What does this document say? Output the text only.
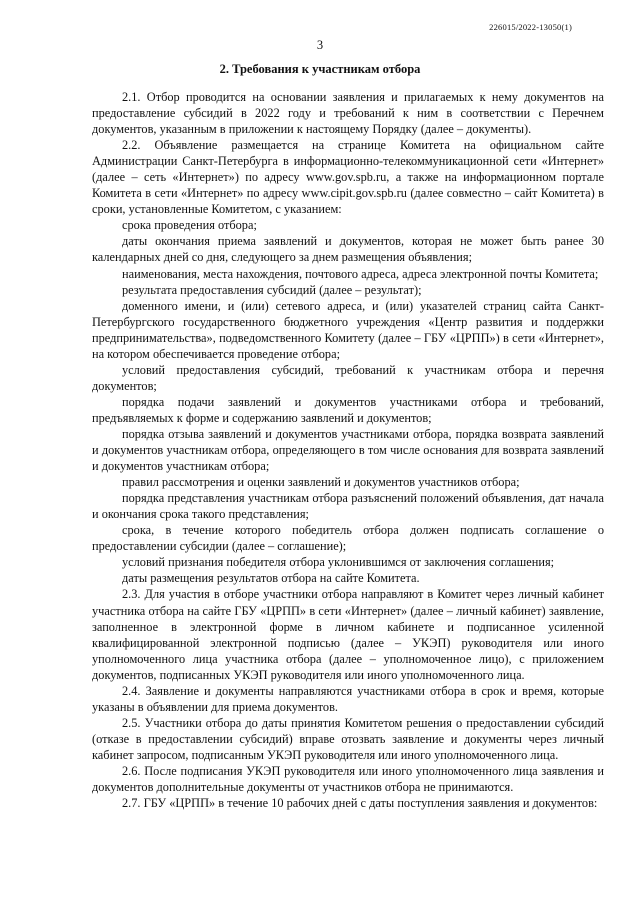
226015/2022-13050(1)
3
2. Требования к участникам отбора

2.1. Отбор проводится на основании заявления и прилагаемых к нему документов на предоставление субсидий в 2022 году и требований к ним в соответствии с Перечнем документов, указанным в приложении к настоящему Порядку (далее – документы).

2.2. Объявление размещается на странице Комитета на официальном сайте Администрации Санкт-Петербурга в информационно-телекоммуникационной сети «Интернет» (далее – сеть «Интернет») по адресу www.gov.spb.ru, а также на информационном портале Комитета в сети «Интернет» по адресу www.cipit.gov.spb.ru (далее совместно – сайт Комитета) в сроки, установленные Комитетом, с указанием:

срока проведения отбора;

даты окончания приема заявлений и документов, которая не может быть ранее 30 календарных дней со дня, следующего за днем размещения объявления;

наименования, места нахождения, почтового адреса, адреса электронной почты Комитета;

результата предоставления субсидий (далее – результат);

доменного имени, и (или) сетевого адреса, и (или) указателей страниц сайта Санкт-Петербургского государственного бюджетного учреждения «Центр развития и поддержки предпринимательства», подведомственного Комитету (далее – ГБУ «ЦРПП») в сети «Интернет», на котором обеспечивается проведение отбора;

условий предоставления субсидий, требований к участникам отбора и перечня документов;

порядка подачи заявлений и документов участниками отбора и требований, предъявляемых к форме и содержанию заявлений и документов;

порядка отзыва заявлений и документов участниками отбора, порядка возврата заявлений и документов участникам отбора, определяющего в том числе основания для возврата заявлений и документов участникам отбора;

правил рассмотрения и оценки заявлений и документов участников отбора;

порядка представления участникам отбора разъяснений положений объявления, дат начала и окончания срока такого представления;

срока, в течение которого победитель отбора должен подписать соглашение о предоставлении субсидии (далее – соглашение);

условий признания победителя отбора уклонившимся от заключения соглашения;

даты размещения результатов отбора на сайте Комитета.

2.3. Для участия в отборе участники отбора направляют в Комитет через личный кабинет участника отбора на сайте ГБУ «ЦРПП» в сети «Интернет» (далее – личный кабинет) заявление, заполненное в электронной форме в личном кабинете и подписанное усиленной квалифицированной электронной подписью (далее – УКЭП) руководителя или иного уполномоченного лица участника отбора (далее – уполномоченное лицо), с приложением документов, подписанных УКЭП руководителя или иного уполномоченного лица.

2.4. Заявление и документы направляются участниками отбора в срок и время, которые указаны в объявлении для приема документов.

2.5. Участники отбора до даты принятия Комитетом решения о предоставлении субсидий (отказе в предоставлении субсидий) вправе отозвать заявление и документы через личный кабинет запросом, подписанным УКЭП руководителя или иного уполномоченного лица.

2.6. После подписания УКЭП руководителя или иного уполномоченного лица заявления и документов дополнительные документы от участников отбора не принимаются.

2.7. ГБУ «ЦРПП» в течение 10 рабочих дней с даты поступления заявления и документов:
